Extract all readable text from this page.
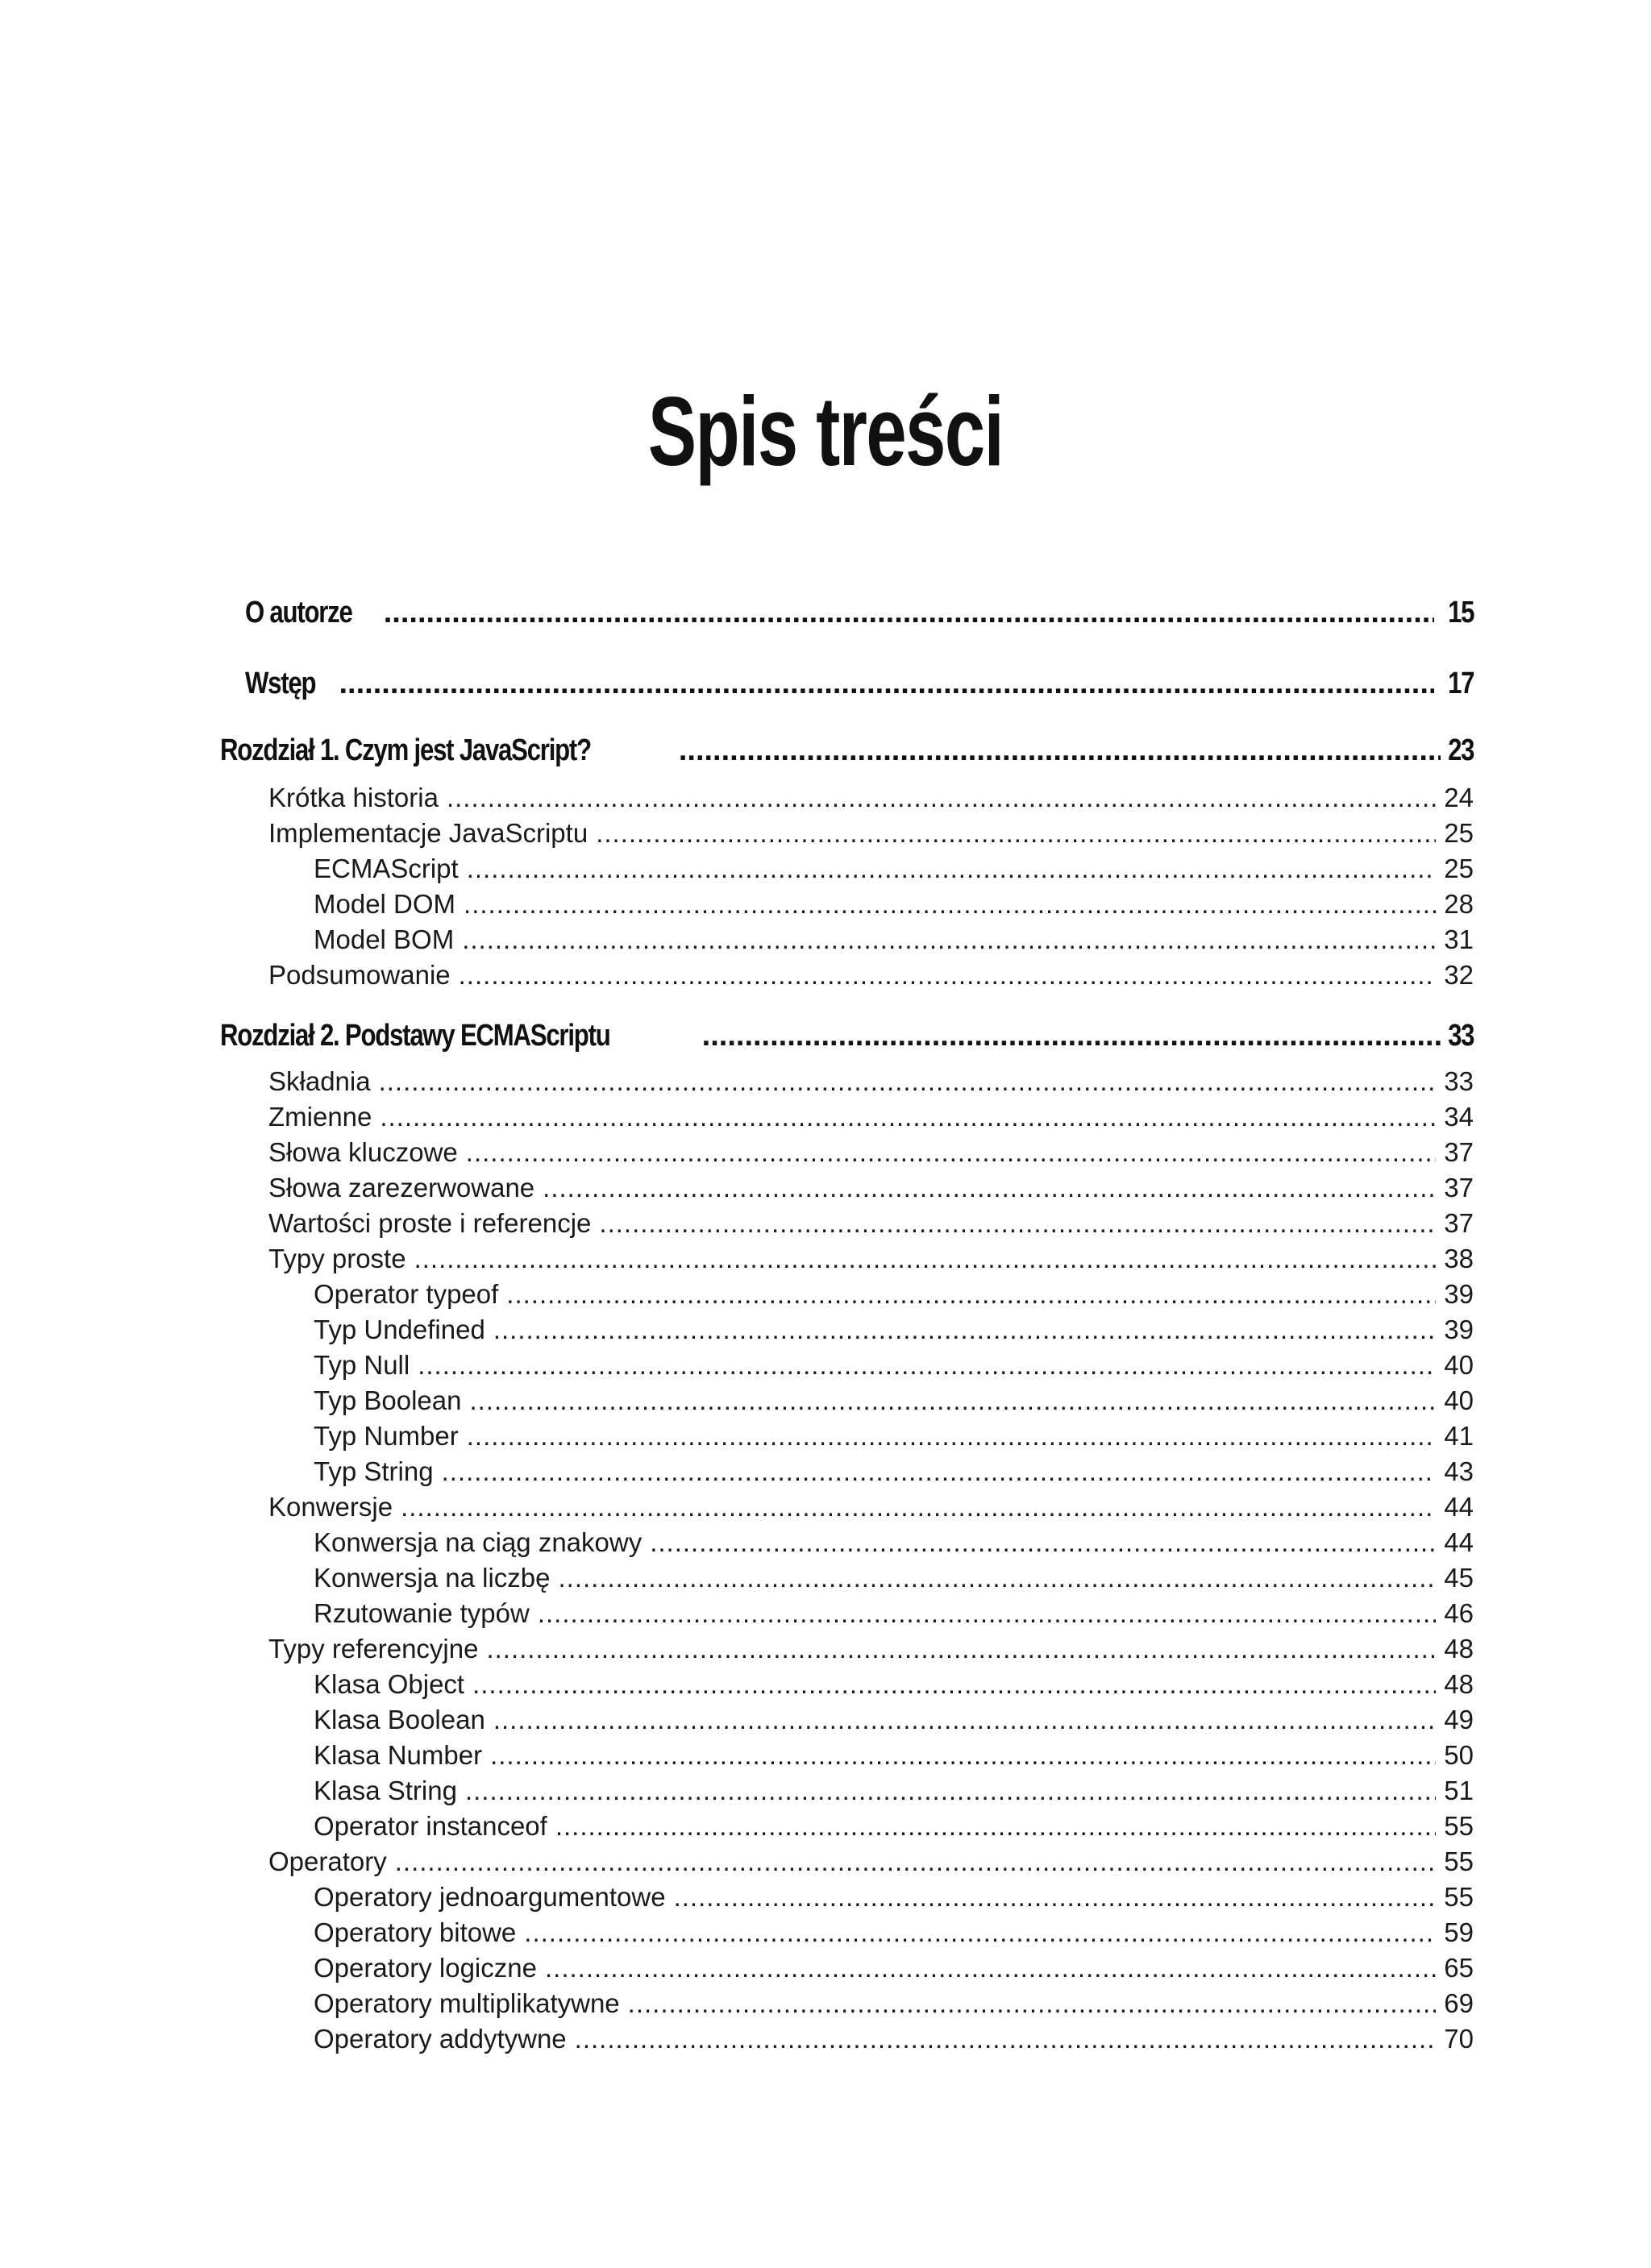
Spis treści
O autorze .....	15
Wstęp .....	17
Rozdział 1. Czym jest JavaScript? .....	23
Krótka historia .....	24
Implementacje JavaScriptu .....	25
ECMAScript .....	25
Model DOM .....	28
Model BOM .....	31
Podsumowanie .....	32
Rozdział 2. Podstawy ECMAScriptu .....	33
Składnia .....	33
Zmienne .....	34
Słowa kluczowe .....	37
Słowa zarezerwowane .....	37
Wartości proste i referencje .....	37
Typy proste .....	38
Operator typeof .....	39
Typ Undefined .....	39
Typ Null .....	40
Typ Boolean .....	40
Typ Number .....	41
Typ String .....	43
Konwersje .....	44
Konwersja na ciąg znakowy .....	44
Konwersja na liczbę .....	45
Rzutowanie typów .....	46
Typy referencyjne .....	48
Klasa Object .....	48
Klasa Boolean .....	49
Klasa Number .....	50
Klasa String .....	51
Operator instanceof .....	55
Operatory .....	55
Operatory jednoargumentowe .....	55
Operatory bitowe .....	59
Operatory logiczne .....	65
Operatory multiplikatywne .....	69
Operatory addytywne .....	70
